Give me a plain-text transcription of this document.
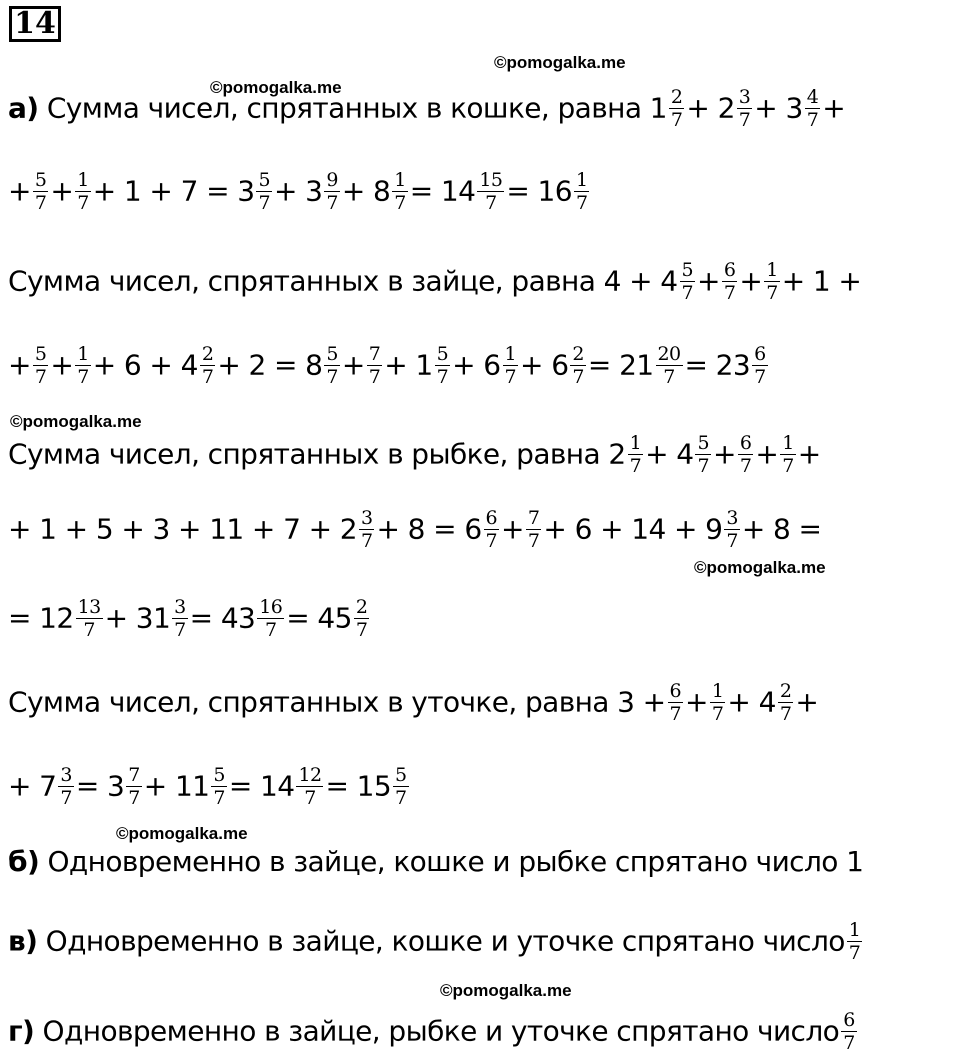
14
©pomogalka.me
©pomogalka.me
©pomogalka.me
©pomogalka.me
©pomogalka.me
©pomogalka.me
а) Сумма чисел, спрятанных в кошке, равна $1 \frac{2}{7} + 2 \frac{3}{7} + 3 \frac{4}{7}$ +
+ $\frac{5}{7} + \frac{1}{7} + 1 + 7 = 3 \frac{5}{7} + 3 \frac{9}{7} + 8 \frac{1}{7} = 14 \frac{15}{7} = 16 \frac{1}{7}$
Сумма чисел, спрятанных в зайце, равна $4 + 4 \frac{5}{7} + \frac{6}{7} + \frac{1}{7} + 1$ +
+ $\frac{5}{7} + \frac{1}{7} + 6 + 4 \frac{2}{7} + 2 = 8 \frac{5}{7} + \frac{7}{7} + 1 \frac{5}{7} + 6 \frac{1}{7} + 6 \frac{2}{7} = 21 \frac{20}{7} = 23 \frac{6}{7}$
Сумма чисел, спрятанных в рыбке, равна $2 \frac{1}{7} + 4 \frac{5}{7} + \frac{6}{7} + \frac{1}{7}$ +
+ $1 + 5 + 3 + 11 + 7 + 2 \frac{3}{7} + 8 = 6 \frac{6}{7} + \frac{7}{7} + 6 + 14 + 9 \frac{3}{7} + 8$ =
= $12 \frac{13}{7} + 31 \frac{3}{7} = 43 \frac{16}{7} = 45 \frac{2}{7}$
Сумма чисел, спрятанных в уточке, равна $3 + \frac{6}{7} + \frac{1}{7} + 4 \frac{2}{7}$ +
+ $7 \frac{3}{7} = 3 \frac{7}{7} + 11 \frac{5}{7} = 14 \frac{12}{7} = 15 \frac{5}{7}$
б) Одновременно в зайце, кошке и рыбке спрятано число 1
в) Одновременно в зайце, кошке и уточке спрятано число $\frac{1}{7}$
г) Одновременно в зайце, рыбке и уточке спрятано число $\frac{6}{7}$
